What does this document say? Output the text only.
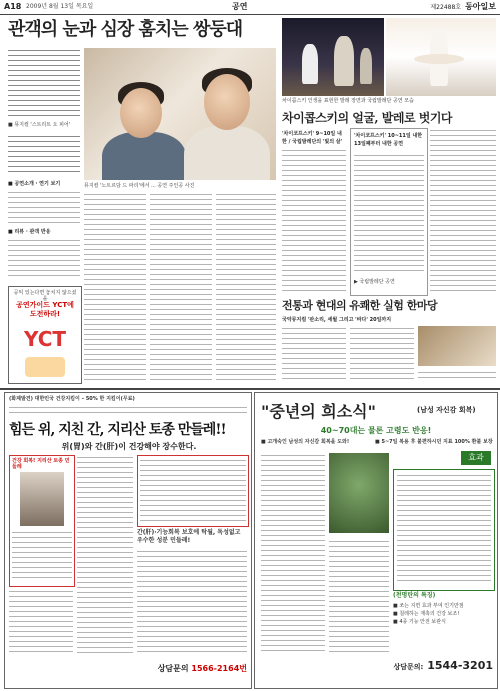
A18 2009년 8월 13일 목요일	공연	제22488호 동아일보
관객의 눈과 심장 훔치는 쌍둥대
■ 뮤지컬 '스트리트 오 피어'
■ 공연소개 · 연기 보기
■ 리뷰 · 관객 반응
공익 있는다면 놓치지 않으셨을
공연가이드 YCT에 도전하라!
YCT
뮤지컬 '노트르담 드 파리'에서 ... 공연 주인공 사진
차이콥스키 인생을 표현한 발레 장면과 국립발레단 공연 모습
차이콥스키의 얼굴, 발레로 벗기다
'차이코프스키' 9~10일 내한 / 국립발레단의 '빛의 살'
'차이코프스키' 10~11일 내한 13일째부터 내한 공연
▶ 국립발레단 공연
전통과 현대의 유쾌한 실험 한마당
국악뮤지컬 '판소리, 세월 그리고 '바다' 20일까지
(화제발견) 대한민국 건강지킴이 – 50% 한 지킴이(무료)
힘든 위, 지친 간, 지리산 토종 만들레!!
위(胃)와 간(肝)이 건강해야 장수한다.
건강 회복! 지리산 토종 민들레
간(肝)·기능회복 보호에 탁월, 독성없고 우수한 성분 민들레!
상담문의 1566-2164번
"중년의 희소식"	(남성 자신감 회복)
40~70대는 물론 고령도 반응!
■ 고개숙인 남성의 자신감 회복을 도와!	■ 5~7일 복용 후 불편하시던 지표 100% 환불 보장
효과
(천명탄의 특징)
■ 쏘는 지면 효과 부여 인기만점
■ 칠레하는 재촉의 건강 보조!
■ 4종 기능 안전 보관식
상담문의: 1544-3201
